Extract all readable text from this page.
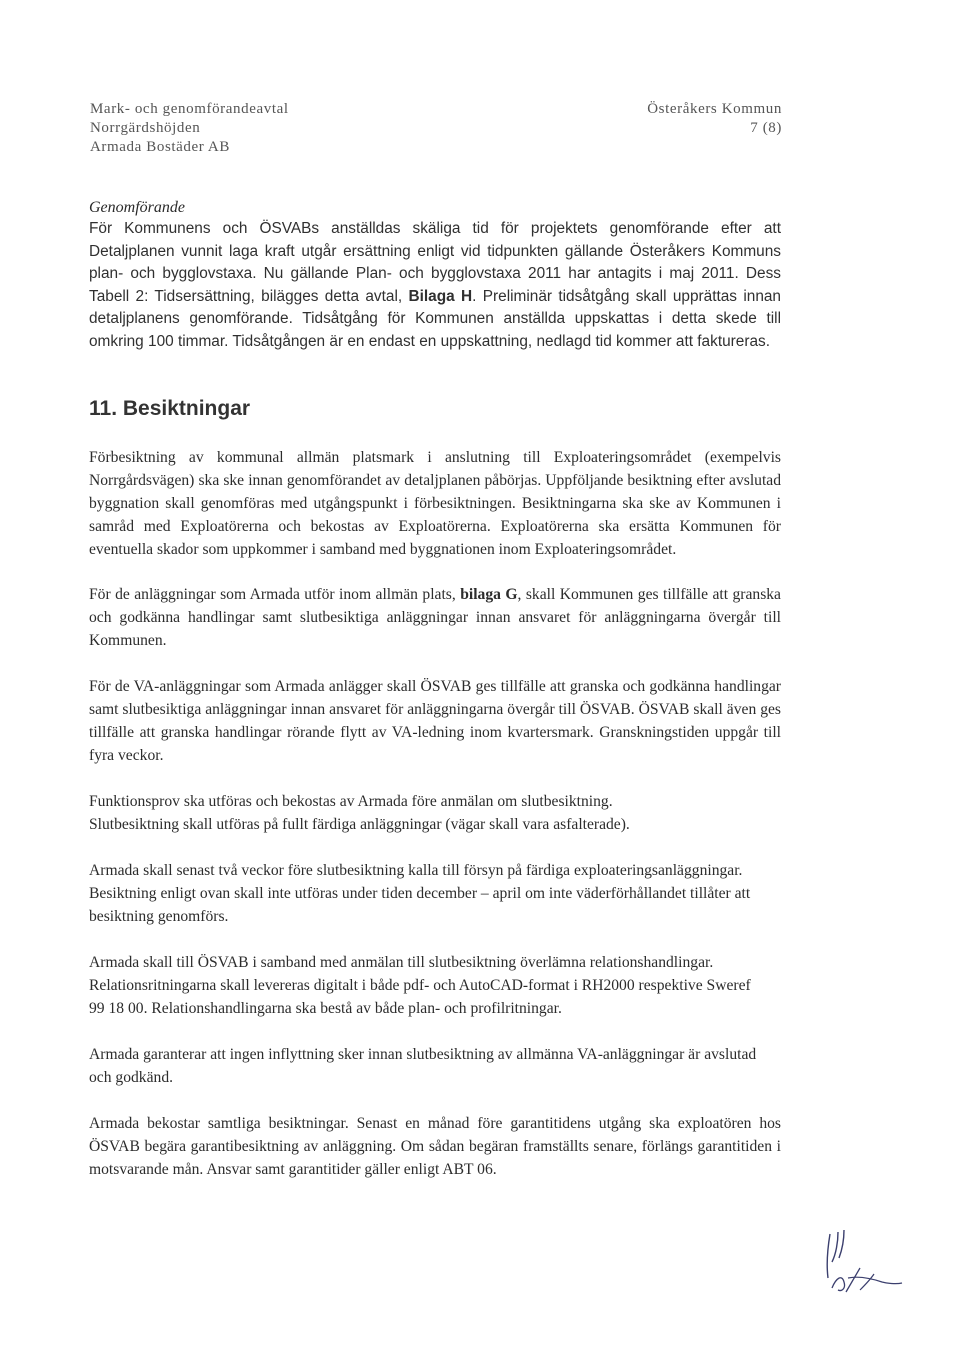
Mark- och genomförandeavtal
Norrgärdshöjden
Armada Bostäder AB
Österåkers Kommun
7 (8)

Genomförande

För Kommunens och ÖSVABs anställdas skäliga tid för projektets genomförande efter att Detaljplanen vunnit laga kraft utgår ersättning enligt vid tidpunkten gällande Österåkers Kommuns plan- och bygglovstaxa. Nu gällande Plan- och bygglovstaxa 2011 har antagits i maj 2011. Dess Tabell 2: Tidsersättning, bilägges detta avtal, Bilaga H. Preliminär tidsåtgång skall upprättas innan detaljplanens genomförande. Tidsåtgång för Kommunen anställda uppskattas i detta skede till omkring 100 timmar. Tidsåtgången är en endast en uppskattning, nedlagd tid kommer att faktureras.

11. Besiktningar

Förbesiktning av kommunal allmän platsmark i anslutning till Exploateringsområdet (exempelvis Norrgårdsvägen) ska ske innan genomförandet av detaljplanen påbörjas. Uppföljande besiktning efter avslutad byggnation skall genomföras med utgångspunkt i förbesiktningen. Besiktningarna ska ske av Kommunen i samråd med Exploatörerna och bekostas av Exploatörerna. Exploatörerna ska ersätta Kommunen för eventuella skador som uppkommer i samband med byggnationen inom Exploateringsområdet.

För de anläggningar som Armada utför inom allmän plats, bilaga G, skall Kommunen ges tillfälle att granska och godkänna handlingar samt slutbesiktiga anläggningar innan ansvaret för anläggningarna övergår till Kommunen.

För de VA-anläggningar som Armada anlägger skall ÖSVAB ges tillfälle att granska och godkänna handlingar samt slutbesiktiga anläggningar innan ansvaret för anläggningarna övergår till ÖSVAB. ÖSVAB skall även ges tillfälle att granska handlingar rörande flytt av VA-ledning inom kvartersmark. Granskningstiden uppgår till fyra veckor.

Funktionsprov ska utföras och bekostas av Armada före anmälan om slutbesiktning.

Slutbesiktning skall utföras på fullt färdiga anläggningar (vägar skall vara asfalterade).

Armada skall senast två veckor före slutbesiktning kalla till försyn på färdiga exploateringsanläggningar. Besiktning enligt ovan skall inte utföras under tiden december – april om inte väderförhållandet tillåter att besiktning genomförs.

Armada skall till ÖSVAB i samband med anmälan till slutbesiktning överlämna relationshandlingar. Relationsritningarna skall levereras digitalt i både pdf- och AutoCAD-format i RH2000 respektive Sweref 99 18 00. Relationshandlingarna ska bestå av både plan- och profilritningar.

Armada garanterar att ingen inflyttning sker innan slutbesiktning av allmänna VA-anläggningar är avslutad och godkänd.

Armada bekostar samtliga besiktningar. Senast en månad före garantitidens utgång ska exploatören hos ÖSVAB begära garantibesiktning av anläggning. Om sådan begäran framställts senare, förlängs garantitiden i motsvarande mån. Ansvar samt garantitider gäller enligt ABT 06.
